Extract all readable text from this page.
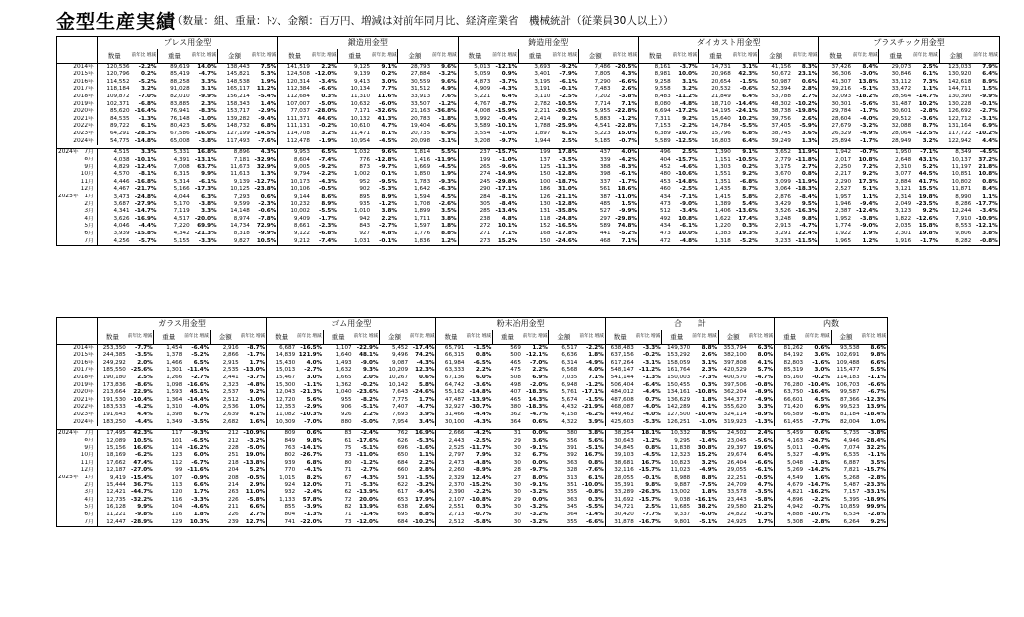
金型生産実績
（数量：組、重量：ﾄﾝ、金額：百万円、増減は対前年同月比、経済産業省　機械統計（従業員30人以上））
	プレス用金型						鍛造用金型						鋳造用金型						ダイカスト用金型						プラスチック用金型					
	数量	前年比 増減	重量	前年比 増減	金額	前年比 増減	数量	前年比 増減	重量	前年比 増減	金額	前年比 増減	数量	前年比 増減	重量	前年比 増減	金額	前年比 増減	数量	前年比 増減	重量	前年比 増減	金額	前年比 増減	数量	前年比 増減	重量	前年比 増減	金額	前年比 増減
2014年	120,536	-2.2%	89,619	14.0%	138,443	7.5%	141,519	2.2%	9,125	9.1%	28,793	9.6%	5,013	-12.1%	3,693	-9.2%	7,486	-20.5%	8,161	-3.7%	14,731	3.1%	41,156	8.3%	37,426	8.4%	29,073	2.5%	123,033	7.9%
2015年	120,796	0.2%	85,419	-4.7%	145,821	5.3%	124,508	-12.0%	9,139	0.2%	27,884	-3.2%	5,059	0.9%	3,401	-7.9%	7,805	4.3%	8,981	10.0%	20,968	42.3%	50,672	23.1%	36,306	-3.0%	30,846	6.1%	130,920	6.4%
2016年	114,552	-5.2%	88,258	3.3%	148,538	1.9%	120,314	-3.4%	9,413	3.0%	30,559	9.6%	4,873	-3.7%	3,195	-6.1%	7,290	-6.6%	9,258	3.1%	20,654	-1.5%	50,987	0.6%	41,307	13.8%	33,112	7.3%	142,618	8.9%
2017年	118,184	3.2%	91,028	3.1%	165,117	11.2%	112,384	-6.6%	10,134	7.7%	31,512	4.9%	4,909	-4.3%	3,191	-0.1%	7,483	2.6%	9,558	3.2%	20,532	-0.6%	52,394	2.8%	39,216	-5.1%	33,472	1.1%	144,711	1.5%
2018年	109,872	-7.0%	82,010	-9.9%	156,214	-5.4%	112,684	0.3%	11,310	11.6%	33,913	7.6%	5,221	6.4%	3,110	-2.5%	7,202	-3.8%	8,483	-11.2%	21,849	6.4%	53,788	2.7%	32,093	-18.2%	28,564	-14.7%	130,390	-9.9%
2019年	102,371	-6.8%	83,885	2.3%	158,343	1.4%	107,007	-5.0%	10,632	-6.0%	33,507	-1.2%	4,767	-8.7%	2,782	-10.5%	7,714	7.1%	8,080	-4.8%	18,710	-14.4%	48,302	-10.2%	30,301	-5.6%	31,487	10.2%	130,228	-0.1%
2020年	85,620	-16.4%	76,941	-8.3%	153,717	-2.9%	77,037	-28.0%	7,171	-32.6%	21,163	-36.8%	4,008	-15.9%	2,211	-20.5%	5,955	-22.8%	6,694	-17.2%	14,195	-24.1%	38,738	-19.8%	29,784	-1.7%	30,601	-2.8%	126,692	-2.7%
2021年	84,535	-1.3%	76,148	-1.0%	139,282	-9.4%	111,371	44.6%	10,132	41.3%	20,783	-1.8%	3,992	-0.4%	2,414	9.2%	5,883	-1.2%	7,311	9.2%	15,640	10.2%	39,756	2.6%	28,604	-4.0%	29,512	-3.6%	122,712	-3.1%
2022年	89,722	6.1%	80,423	5.6%	148,732	6.8%	111,131	-0.2%	10,610	4.7%	19,404	-6.6%	3,589	-10.1%	1,788	-25.9%	4,541	-22.8%	7,153	-2.2%	14,784	-5.5%	37,405	-5.9%	27,679	-3.2%	32,088	8.7%	131,164	6.9%
2023年	64,291	-28.3%	67,586	-16.0%	127,199	-14.5%	114,708	3.2%	11,471	8.1%	20,735	6.9%	3,554	-1.0%	1,897	6.1%	5,223	15.0%	6,389	-10.7%	15,796	6.8%	38,745	3.6%	26,329	-4.9%	28,064	-12.5%	117,722	-10.2%
2024年	54,775	-14.8%	65,008	-3.8%	117,493	-7.6%	112,478	-1.9%	10,954	-4.5%	20,098	-3.1%	3,208	-9.7%	1,944	2.5%	5,185	-0.7%	5,589	-12.5%	16,803	6.4%	39,249	1.3%	25,894	-1.7%	28,949	3.2%	122,942	4.4%

2024年　7月	4,515	3.3%	5,331	16.8%	8,896	4.3%	9,953	6.5%	1,032	9.6%	1,814	5.5%	237	-15.7%	199	17.8%	437	4.0%	496	2.5%	1,390	9.1%	3,652	11.9%	1,942	-0.7%	1,950	-7.1%	8,349	-4.5%
8月	4,038	-10.1%	4,391	-13.1%	7,181	-32.9%	8,604	-7.4%	776	-12.8%	1,416	-11.9%	199	-1.0%	137	-3.5%	339	-4.2%	404	-15.7%	1,151	-10.5%	2,779	-11.8%	2,017	10.8%	2,648	43.1%	10,137	37.2%
9月	4,829	-12.4%	7,008	63.7%	11,673	32.9%	9,005	-9.2%	873	-9.7%	1,669	-4.5%	265	-9.6%	125	-11.3%	388	-8.3%	452	-4.6%	1,303	0.2%	3,175	2.7%	2,250	7.2%	2,310	5.2%	11,197	21.8%
10月	4,570	-8.1%	6,315	9.9%	11,613	1.3%	9,794	-2.2%	1,002	0.1%	1,850	1.9%	274	-14.9%	150	-12.8%	398	-6.1%	480	-10.6%	1,551	9.2%	3,670	0.8%	2,217	9.2%	3,077	44.5%	10,851	10.8%
11月	4,446	-16.8%	5,314	-6.1%	9,139	-12.7%	10,173	-4.3%	952	-9.5%	1,783	-9.3%	245	-29.8%	100	-18.7%	337	-1.7%	453	-14.8%	1,351	-6.8%	3,099	-11.9%	2,290	17.3%	2,884	41.7%	10,802	0.8%
12月	4,467	-21.7%	5,166	-17.3%	10,125	-23.8%	10,106	-0.5%	902	-5.3%	1,642	-6.3%	290	-17.1%	186	31.0%	561	18.6%	460	-2.5%	1,435	8.7%	3,064	-18.3%	2,527	5.1%	3,121	15.5%	11,871	8.4%
2025年　1月	3,473	-24.8%	4,044	6.3%	7,293	0.6%	9,144	8.6%	895	8.9%	1,594	4.5%	284	-8.1%	126	-21.1%	387	-11.0%	434	-7.1%	1,415	5.8%	2,876	-8.4%	1,957	1.1%	2,314	19.8%	8,990	1.1%
2月	3,687	-27.9%	5,170	-3.8%	9,599	-2.3%	10,232	8.9%	935	-1.2%	1,708	-2.6%	305	-8.4%	130	-12.8%	485	1.5%	473	-9.0%	1,389	5.4%	3,429	9.5%	1,946	-9.4%	2,049	-23.5%	8,286	-17.7%
3月	4,341	-14.7%	7,119	3.3%	14,148	-0.6%	10,002	-5.5%	1,010	3.8%	1,899	3.5%	285	-13.4%	131	-35.8%	527	-9.9%	512	-3.4%	1,406	-13.6%	3,526	-16.3%	2,387	-12.4%	3,123	9.2%	12,244	-3.4%
4月	3,626	-16.9%	4,517	-20.0%	8,974	-7.8%	9,409	-1.7%	942	2.2%	1,711	3.8%	238	4.8%	118	-24.8%	297	-29.8%	492	10.8%	1,622	17.4%	3,248	9.8%	1,952	-3.8%	1,822	-12.6%	7,910	-10.9%
5月	4,046	-4.4%	7,220	69.9%	14,734	72.9%	8,661	-2.3%	843	-2.7%	1,597	1.8%	272	10.1%	152	-16.5%	589	74.8%	434	-6.1%	1,220	0.3%	2,913	-4.7%	1,774	-9.0%	2,035	15.8%	8,553	-12.1%
6月	3,939	-15.8%	4,342	-21.3%	8,318	-9.9%	9,122	-6.8%	927	4.8%	1,776	8.8%	271	7.1%	168	-17.8%	441	-5.2%	473	10.0%	1,383	19.3%	3,291	22.4%	1,922	1.9%	2,301	19.8%	9,806	3.8%
7月	4,256	-5.7%	5,155	-3.3%	9,827	10.5%	9,212	-7.4%	1,031	-0.1%	1,836	1.2%	273	15.2%	150	-24.6%	468	7.1%	472	-4.8%	1,318	-5.2%	3,233	-11.5%	1,965	1.2%	1,916	-1.7%	8,282	-0.8%
	ガラス用金型						ゴム用金型						粉末冶用金型						合　　計						内数			
	数量	前年比 増減	重量	前年比 増減	金額	前年比 増減	数量	前年比 増減	重量	前年比 増減	金額	前年比 増減	数量	前年比 増減	重量	前年比 増減	金額	前年比 増減	数量	前年比 増減	重量	前年比 増減	金額	前年比 増減	重量	前年比 増減	金額	前年比 増減
2014年	253,350	-7.7%	1,454	-6.4%	2,916	-8.7%	6,687	-16.5%	1,107	-22.9%	5,452	-17.4%	65,791	-1.5%	569	1.2%	6,517	-2.2%	638,483	-3.3%	149,370	8.8%	353,794	6.3%	81,262	0.6%	93,538	8.6%
2015年	244,385	-3.5%	1,378	-5.2%	2,866	-1.7%	14,839	121.9%	1,640	48.1%	9,496	74.2%	66,315	0.8%	500	-12.1%	6,636	1.8%	637,156	-0.2%	153,292	2.6%	382,100	8.0%	84,192	3.6%	102,691	9.8%
2016年	249,292	2.0%	1,466	6.5%	2,915	1.7%	15,430	4.0%	1,493	-9.0%	9,087	-4.3%	61,984	-6.5%	465	-7.0%	6,314	-4.9%	617,264	-3.1%	158,059	3.1%	397,808	4.1%	82,803	-1.6%	109,488	6.6%
2017年	185,550	-25.6%	1,301	-11.4%	2,535	-13.0%	15,013	-2.7%	1,632	9.3%	10,209	12.3%	63,333	2.2%	475	2.2%	6,568	4.0%	548,147	-11.2%	161,764	2.3%	420,529	5.7%	85,319	3.0%	115,477	5.5%
2018年	190,180	2.5%	1,266	-2.7%	2,441	-3.7%	15,467	3.0%	1,665	2.0%	10,267	0.6%	67,136	6.0%	508	6.9%	7,035	7.1%	541,144	-1.3%	150,003	-7.3%	400,570	-4.7%	85,160	-0.2%	114,183	-1.1%
2019年	173,836	-8.6%	1,098	-16.6%	2,323	-4.8%	15,300	-1.1%	1,362	-0.2%	10,142	5.8%	64,742	-3.6%	498	-2.0%	6,948	-1.2%	506,404	-6.4%	150,455	0.3%	397,506	-0.8%	76,280	-10.4%	106,703	-6.6%
2020年	213,664	22.9%	1,593	45.1%	2,537	9.2%	12,043	-21.3%	1,040	-23.6%	7,643	-24.6%	55,162	-14.8%	407	-18.3%	5,761	-17.1%	484,012	-4.4%	134,161	-10.8%	362,204	-8.9%	63,750	-16.4%	99,587	-6.7%
2021年	191,530	-10.4%	1,364	-14.4%	2,512	-1.0%	12,720	5.6%	955	-8.2%	7,775	1.7%	47,487	-13.9%	465	14.3%	5,674	-1.5%	487,608	0.7%	136,629	1.8%	344,377	-4.9%	66,601	4.5%	87,366	-12.3%
2022年	183,533	-4.2%	1,310	-4.0%	2,536	1.0%	12,353	-2.9%	906	-5.1%	7,407	-4.7%	32,927	-30.7%	380	-18.3%	4,432	-21.9%	468,087	-4.0%	142,289	4.1%	355,620	3.3%	71,420	6.9%	99,523	13.9%
2023年	191,643	4.4%	1,398	6.7%	2,639	4.1%	11,082	-10.3%	926	2.2%	7,693	3.9%	31,466	-4.4%	362	-4.7%	4,158	-6.2%	449,462	-4.0%	127,500	-10.4%	324,114	-8.9%	66,589	-6.8%	81,184	-18.4%
2024年	183,250	-4.4%	1,349	-3.5%	2,682	1.6%	10,309	-7.0%	880	-5.0%	7,954	3.4%	30,100	-4.3%	364	0.6%	4,322	3.9%	425,603	-5.3%	126,251	-1.0%	319,923	-1.3%	61,455	-7.7%	82,004	1.0%

2024年　7月	17,495	42.3%	117	-9.3%	212	-10.9%	809	0.6%	83	-2.4%	762	16.9%	2,666	-4.2%	31	0.0%	380	3.8%	38,254	18.1%	10,332	8.5%	24,502	2.4%	5,459	0.6%	5,735	-3.8%
8月	12,089	10.5%	101	-6.5%	212	-3.2%	849	9.8%	61	-17.6%	626	-5.3%	2,443	-2.5%	29	3.6%	356	5.6%	30,643	-1.2%	9,295	-1.4%	23,045	-5.6%	4,163	-24.7%	4,946	-28.4%
9月	15,156	16.6%	114	-16.2%	228	-5.0%	763	-14.1%	75	-5.1%	696	-1.6%	2,525	-11.7%	30	-9.1%	391	-5.1%	34,845	0.8%	11,838	30.8%	29,397	19.6%	5,011	-0.4%	7,074	32.2%
10月	18,169	-6.2%	123	6.0%	251	19.0%	802	-26.7%	73	-11.0%	650	1.1%	2,797	7.9%	32	6.7%	392	16.7%	39,103	-4.5%	12,323	15.2%	29,674	6.4%	5,327	-4.9%	6,535	-1.1%
11月	17,662	47.4%	112	-6.7%	218	-13.8%	939	6.8%	80	-1.2%	684	2.2%	2,473	-4.8%	30	0.0%	363	0.8%	38,681	16.7%	10,823	3.2%	26,404	-6.6%	5,048	-1.8%	6,887	3.5%
12月	12,187	-27.0%	99	-11.6%	204	5.2%	770	-4.1%	71	-2.7%	660	2.8%	2,260	-8.9%	28	-9.7%	328	-7.6%	32,116	-15.7%	11,023	-4.9%	29,055	-6.1%	5,269	-14.2%	7,821	-15.7%
2025年　1月	9,419	-15.4%	107	-0.9%	208	-0.5%	1,015	8.2%	67	-4.3%	591	-1.5%	2,329	12.4%	27	8.0%	313	6.1%	28,055	-0.1%	8,988	8.8%	22,251	-0.5%	4,549	1.6%	5,268	-2.8%
2月	15,444	36.7%	113	6.6%	214	2.9%	924	12.0%	71	-5.3%	622	-3.2%	2,370	-15.2%	30	-9.1%	351	-10.0%	35,391	9.8%	9,887	-7.5%	24,709	4.7%	4,679	-14.7%	5,487	-23.3%
3月	12,421	-44.7%	120	1.7%	263	11.0%	932	-2.4%	62	-13.9%	617	-9.4%	2,390	-2.2%	30	-3.2%	355	-0.8%	33,289	-26.3%	13,002	1.8%	33,578	-3.5%	4,821	-16.2%	7,157	-33.1%
4月	12,735	-32.2%	116	-3.3%	226	-5.8%	1,133	57.8%	72	20.0%	653	17.9%	2,107	-10.8%	29	0.0%	363	0.3%	31,692	-15.7%	9,038	-16.1%	23,443	-5.8%	4,896	-2.2%	5,395	-18.9%
5月	16,128	9.9%	104	-4.6%	211	6.6%	855	-3.9%	82	13.9%	638	2.6%	2,551	0.3%	30	-3.2%	345	-5.5%	34,721	2.5%	11,685	38.2%	29,580	21.2%	4,942	-0.7%	10,859	99.9%
6月	11,221	-9.8%	116	1.8%	226	2.7%	804	-1.3%	71	-1.4%	695	8.8%	2,713	-0.7%	30	-3.2%	364	-1.4%	30,420	-7.7%	9,337	-6.0%	24,822	-0.3%	4,888	-10.7%	6,534	-2.8%
7月	12,447	-28.9%	129	10.3%	239	12.7%	741	-22.0%	73	-12.0%	684	-10.2%	2,512	-5.8%	30	-3.2%	355	-6.6%	31,878	-16.7%	9,801	-5.1%	24,925	1.7%	5,308	-2.8%	6,264	9.2%
